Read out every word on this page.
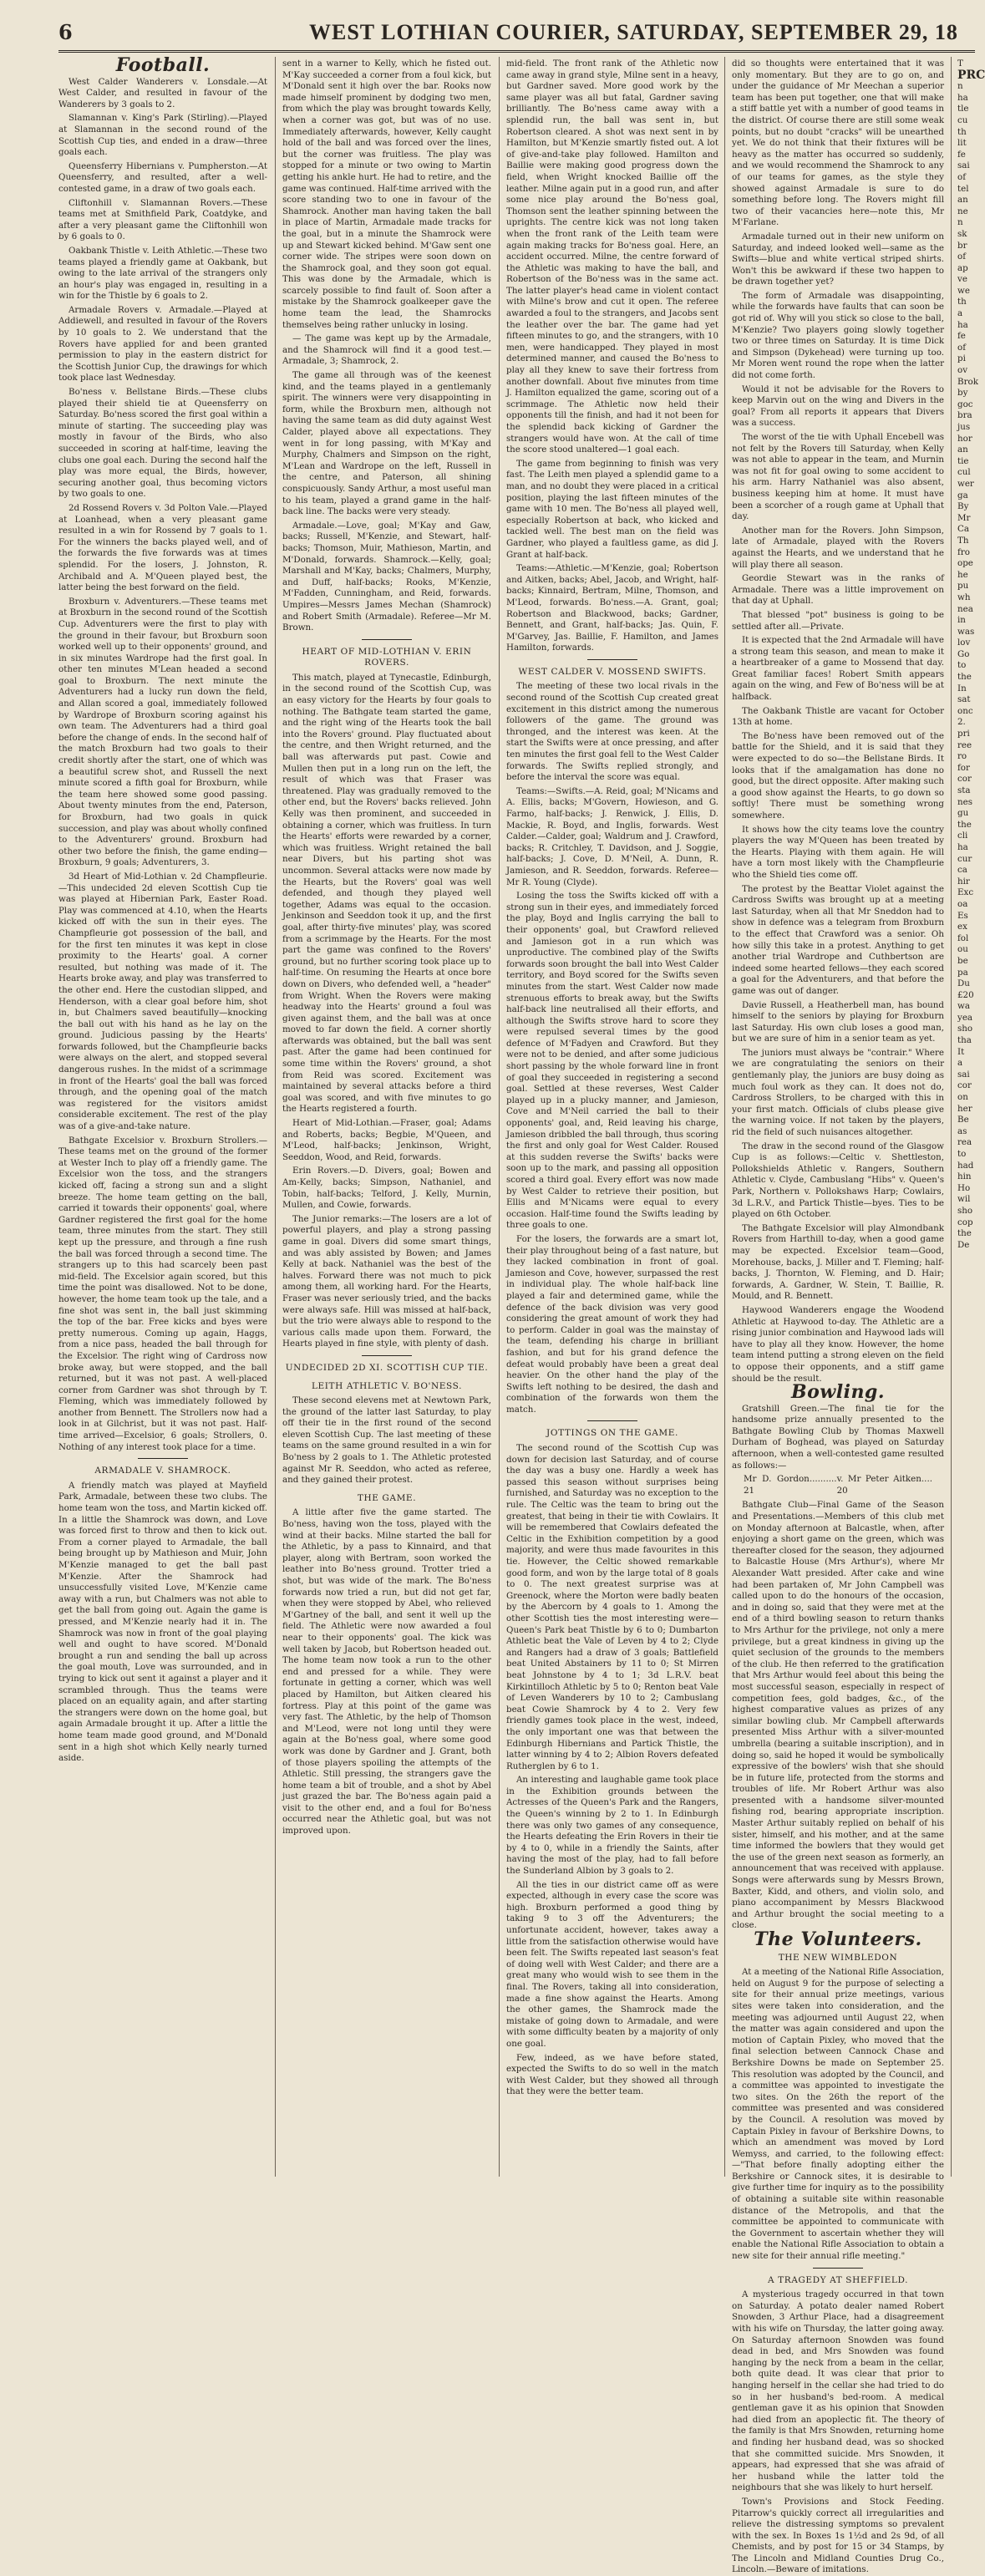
6	WEST LOTHIAN COURIER, SATURDAY, SEPTEMBER 29, 18
Football.

West Calder Wanderers v. Lonsdale.—At West Calder, and resulted in favour of the Wanderers by 3 goals to 2.

Slamannan v. King's Park (Stirling).—Played at Slamannan in the second round of the Scottish Cup ties, and ended in a draw—three goals each.

Queensferry Hibernians v. Pumpherston.—At Queensferry, and resulted, after a well-contested game, in a draw of two goals each.

Cliftonhill v. Slamannan Rovers.—These teams met at Smithfield Park, Coatdyke, and after a very pleasant game the Cliftonhill won by 6 goals to 0.

Oakbank Thistle v. Leith Athletic.—These two teams played a friendly game at Oakbank, but owing to the late arrival of the strangers only an hour's play was engaged in, resulting in a win for the Thistle by 6 goals to 2.

Armadale Rovers v. Armadale.—Played at Addiewell, and resulted in favour of the Rovers by 10 goals to 2. We understand that the Rovers have applied for and been granted permission to play in the eastern district for the Scottish Junior Cup, the drawings for which took place last Wednesday.

Bo'ness v. Bellstane Birds.—These clubs played their shield tie at Queensferry on Saturday. Bo'ness scored the first goal within a minute of starting. The succeeding play was mostly in favour of the Birds, who also succeeded in scoring at half-time, leaving the clubs one goal each. During the second half the play was more equal, the Birds, however, securing another goal, thus becoming victors by two goals to one.

2d Rossend Rovers v. 3d Polton Vale.—Played at Loanhead, when a very pleasant game resulted in a win for Rossend by 7 goals to 1. For the winners the backs played well, and of the forwards the five forwards was at times splendid. For the losers, J. Johnston, R. Archibald and A. M'Queen played best, the latter being the best forward on the field.

Broxburn v. Adventurers.—These teams met at Broxburn in the second round of the Scottish Cup. Adventurers were the first to play with the ground in their favour, but Broxburn soon worked well up to their opponents' ground, and in six minutes Wardrope had the first goal. In other ten minutes M'Lean headed a second goal to Broxburn. The next minute the Adventurers had a lucky run down the field, and Allan scored a goal, immediately followed by Wardrope of Broxburn scoring against his own team. The Adventurers had a third goal before the change of ends. In the second half of the match Broxburn had two goals to their credit shortly after the start, one of which was a beautiful screw shot, and Russell the next minute scored a fifth goal for Broxburn, while the team here showed some good passing. About twenty minutes from the end, Paterson, for Broxburn, had two goals in quick succession, and play was about wholly confined to the Adventurers' ground. Broxburn had other two before the finish, the game ending—Broxburn, 9 goals; Adventurers, 3.

3d Heart of Mid-Lothian v. 2d Champfleurie.—This undecided 2d eleven Scottish Cup tie was played at Hibernian Park, Easter Road. Play was commenced at 4.10, when the Hearts kicked off with the sun in their eyes. The Champfleurie got possession of the ball, and for the first ten minutes it was kept in close proximity to the Hearts' goal. A corner resulted, but nothing was made of it. The Hearts broke away, and play was transferred to the other end. Here the custodian slipped, and Henderson, with a clear goal before him, shot in, but Chalmers saved beautifully—knocking the ball out with his hand as he lay on the ground. Judicious passing by the Hearts' forwards followed, but the Champfleurie backs were always on the alert, and stopped several dangerous rushes. In the midst of a scrimmage in front of the Hearts' goal the ball was forced through, and the opening goal of the match was registered for the visitors amidst considerable excitement. The rest of the play was of a give-and-take nature.

Bathgate Excelsior v. Broxburn Strollers.—These teams met on the ground of the former at Wester Inch to play off a friendly game. The Excelsior won the toss, and the strangers kicked off, facing a strong sun and a slight breeze. The home team getting on the ball, carried it towards their opponents' goal, where Gardner registered the first goal for the home team, three minutes from the start. They still kept up the pressure, and through a fine rush the ball was forced through a second time. The strangers up to this had scarcely been past mid-field. The Excelsior again scored, but this time the point was disallowed. Not to be done, however, the home team took up the tale, and a fine shot was sent in, the ball just skimming the top of the bar. Free kicks and byes were pretty numerous. Coming up again, Haggs, from a nice pass, headed the ball through for the Excelsior. The right wing of Cardross now broke away, but were stopped, and the ball returned, but it was not past. A well-placed corner from Gardner was shot through by T. Fleming, which was immediately followed by another from Bennett. The Strollers now had a look in at Gilchrist, but it was not past. Half-time arrived—Excelsior, 6 goals; Strollers, 0. Nothing of any interest took place for a time.

ARMADALE V. SHAMROCK.

A friendly match was played at Mayfield Park, Armadale, between these two clubs. The home team won the toss, and Martin kicked off. In a little the Shamrock was down, and Love was forced first to throw and then to kick out. From a corner played to Armadale, the ball being brought up by Mathieson and Muir, John M'Kenzie managed to get the ball past M'Kenzie. After the Shamrock had unsuccessfully visited Love, M'Kenzie came away with a run, but Chalmers was not able to get the ball from going out. Again the game is pressed, and M'Kenzie nearly had it in. The Shamrock was now in front of the goal playing well and ought to have scored. M'Donald brought a run and sending the ball up across the goal mouth, Love was surrounded, and in trying to kick out sent it against a player and it scrambled through. Thus the teams were placed on an equality again, and after starting the strangers were down on the home goal, but again Armadale brought it up. After a little the home team made good ground, and M'Donald sent in a high shot which Kelly nearly turned aside.

sent in a warner to Kelly, which he fisted out. M'Kay succeeded a corner from a foul kick, but M'Donald sent it high over the bar. Rooks now made himself prominent by dodging two men, from which the play was brought towards Kelly, when a corner was got, but was of no use. Immediately afterwards, however, Kelly caught hold of the ball and was forced over the lines, but the corner was fruitless. The play was stopped for a minute or two owing to Martin getting his ankle hurt. He had to retire, and the game was continued. Half-time arrived with the score standing two to one in favour of the Shamrock. Another man having taken the ball in place of Martin, Armadale made tracks for the goal, but in a minute the Shamrock were up and Stewart kicked behind. M'Gaw sent one corner wide. The stripes were soon down on the Shamrock goal, and they soon got equal. This was done by the Armadale, which is scarcely possible to find fault of. Soon after a mistake by the Shamrock goalkeeper gave the home team the lead, the Shamrocks themselves being rather unlucky in losing.

— The game was kept up by the Armadale, and the Shamrock will find it a good test.— Armadale, 3; Shamrock, 2.

The game all through was of the keenest kind, and the teams played in a gentlemanly spirit. The winners were very disappointing in form, while the Broxburn men, although not having the same team as did duty against West Calder, played above all expectations. They went in for long passing, with M'Kay and Murphy, Chalmers and Simpson on the right, M'Lean and Wardrope on the left, Russell in the centre, and Paterson, all shining conspicuously. Sandy Arthur, a most useful man to his team, played a grand game in the half-back line. The backs were very steady.

Armadale.—Love, goal; M'Kay and Gaw, backs; Russell, M'Kenzie, and Stewart, half-backs; Thomson, Muir, Mathieson, Martin, and M'Donald, forwards. Shamrock.—Kelly, goal; Marshall and M'Kay, backs; Chalmers, Murphy, and Duff, half-backs; Rooks, M'Kenzie, M'Fadden, Cunningham, and Reid, forwards. Umpires—Messrs James Mechan (Shamrock) and Robert Smith (Armadale). Referee—Mr M. Brown.

HEART OF MID-LOTHIAN V. ERIN ROVERS.

This match, played at Tynecastle, Edinburgh, in the second round of the Scottish Cup, was an easy victory for the Hearts by four goals to nothing. The Bathgate team started the game, and the right wing of the Hearts took the ball into the Rovers' ground. Play fluctuated about the centre, and then Wright returned, and the ball was afterwards put past. Cowie and Mullen then put in a long run on the left, the result of which was that Fraser was threatened. Play was gradually removed to the other end, but the Rovers' backs relieved. John Kelly was then prominent, and succeeded in obtaining a corner, which was fruitless. In turn the Hearts' efforts were rewarded by a corner, which was fruitless. Wright retained the ball near Divers, but his parting shot was uncommon. Several attacks were now made by the Hearts, but the Rovers' goal was well defended, and though they played well together, Adams was equal to the occasion. Jenkinson and Seeddon took it up, and the first goal, after thirty-five minutes' play, was scored from a scrimmage by the Hearts. For the most part the game was confined to the Rovers' ground, but no further scoring took place up to half-time. On resuming the Hearts at once bore down on Divers, who defended well, a "header" from Wright. When the Rovers were making headway into the Hearts' ground a foul was given against them, and the ball was at once moved to far down the field. A corner shortly afterwards was obtained, but the ball was sent past. After the game had been continued for some time within the Rovers' ground, a shot from Reid was scored. Excitement was maintained by several attacks before a third goal was scored, and with five minutes to go the Hearts registered a fourth.

Heart of Mid-Lothian.—Fraser, goal; Adams and Roberts, backs; Begbie, M'Queen, and M'Leod, half-backs; Jenkinson, Wright, Seeddon, Wood, and Reid, forwards.

Erin Rovers.—D. Divers, goal; Bowen and Am-Kelly, backs; Simpson, Nathaniel, and Tobin, half-backs; Telford, J. Kelly, Murnin, Mullen, and Cowie, forwards.

The Junior remarks:—The losers are a lot of powerful players, and play a strong passing game in goal. Divers did some smart things, and was ably assisted by Bowen; and James Kelly at back. Nathaniel was the best of the halves. Forward there was not much to pick among them, all working hard. For the Hearts, Fraser was never seriously tried, and the backs were always safe. Hill was missed at half-back, but the trio were always able to respond to the various calls made upon them. Forward, the Hearts played in fine style, with plenty of dash.

UNDECIDED 2D XI. SCOTTISH CUP TIE.
LEITH ATHLETIC V. BO'NESS.

These second elevens met at Newtown Park, the ground of the latter last Saturday, to play off their tie in the first round of the second eleven Scottish Cup. The last meeting of these teams on the same ground resulted in a win for Bo'ness by 2 goals to 1. The Athletic protested against Mr R. Seeddon, who acted as referee, and they gained their protest.

THE GAME.

A little after five the game started. The Bo'ness, having won the toss, played with the wind at their backs. Milne started the ball for the Athletic, by a pass to Kinnaird, and that player, along with Bertram, soon worked the leather into Bo'ness ground. Trotter tried a shot, but was wide of the mark. The Bo'ness forwards now tried a run, but did not get far, when they were stopped by Abel, who relieved M'Gartney of the ball, and sent it well up the field. The Athletic were now awarded a foul near to their opponents' goal. The kick was well taken by Jacob, but Robertson headed out. The home team now took a run to the other end and pressed for a while. They were fortunate in getting a corner, which was well placed by Hamilton, but Aitken cleared his fortress. Play at this point of the game was very fast. The Athletic, by the help of Thomson and M'Leod, were not long until they were again at the Bo'ness goal, where some good work was done by Gardner and J. Grant, both of those players spoiling the attempts of the Athletic. Still pressing, the strangers gave the home team a bit of trouble, and a shot by Abel just grazed the bar. The Bo'ness again paid a visit to the other end, and a foul for Bo'ness occurred near the Athletic goal, but was not improved upon.

mid-field. The front rank of the Athletic now came away in grand style, Milne sent in a heavy, but Gardner saved. More good work by the same player was all but fatal, Gardner saving brilliantly. The Bo'ness came away with a splendid run, the ball was sent in, but Robertson cleared. A shot was next sent in by Hamilton, but M'Kenzie smartly fisted out. A lot of give-and-take play followed. Hamilton and Baillie were making good progress down the field, when Wright knocked Baillie off the leather. Milne again put in a good run, and after some nice play around the Bo'ness goal, Thomson sent the leather spinning between the uprights. The centre kick was not long taken when the front rank of the Leith team were again making tracks for Bo'ness goal. Here, an accident occurred. Milne, the centre forward of the Athletic was making to have the ball, and Robertson of the Bo'ness was in the same act. The latter player's head came in violent contact with Milne's brow and cut it open. The referee awarded a foul to the strangers, and Jacobs sent the leather over the bar. The game had yet fifteen minutes to go, and the strangers, with 10 men, were handicapped. They played in most determined manner, and caused the Bo'ness to play all they knew to save their fortress from another downfall. About five minutes from time J. Hamilton equalized the game, scoring out of a scrimmage. The Athletic now held their opponents till the finish, and had it not been for the splendid back kicking of Gardner the strangers would have won. At the call of time the score stood unaltered—1 goal each.

The game from beginning to finish was very fast. The Leith men played a splendid game to a man, and no doubt they were placed in a critical position, playing the last fifteen minutes of the game with 10 men. The Bo'ness all played well, especially Robertson at back, who kicked and tackled well. The best man on the field was Gardner, who played a faultless game, as did J. Grant at half-back.

Teams:—Athletic.—M'Kenzie, goal; Robertson and Aitken, backs; Abel, Jacob, and Wright, half-backs; Kinnaird, Bertram, Milne, Thomson, and M'Leod, forwards. Bo'ness.—A. Grant, goal; Robertson and Blackwood, backs; Gardner, Bennett, and Grant, half-backs; Jas. Quin, F. M'Garvey, Jas. Baillie, F. Hamilton, and James Hamilton, forwards.

WEST CALDER V. MOSSEND SWIFTS.

The meeting of these two local rivals in the second round of the Scottish Cup created great excitement in this district among the numerous followers of the game. The ground was thronged, and the interest was keen. At the start the Swifts were at once pressing, and after ten minutes the first goal fell to the West Calder forwards. The Swifts replied strongly, and before the interval the score was equal.

Teams:—Swifts.—A. Reid, goal; M'Nicams and A. Ellis, backs; M'Govern, Howieson, and G. Farmo, half-backs; J. Renwick, J. Ellis, D. Mackie, R. Boyd, and Inglis, forwards. West Calder.—Calder, goal; Waldrum and J. Crawford, backs; R. Critchley, T. Davidson, and J. Soggie, half-backs; J. Cove, D. M'Neil, A. Dunn, R. Jamieson, and R. Seeddon, forwards. Referee—Mr R. Young (Clyde).

Losing the toss the Swifts kicked off with a strong sun in their eyes, and immediately forced the play, Boyd and Inglis carrying the ball to their opponents' goal, but Crawford relieved and Jamieson got in a run which was unproductive. The combined play of the Swifts forwards soon brought the ball into West Calder territory, and Boyd scored for the Swifts seven minutes from the start. West Calder now made strenuous efforts to break away, but the Swifts half-back line neutralised all their efforts, and although the Swifts strove hard to score they were repulsed several times by the good defence of M'Fadyen and Crawford. But they were not to be denied, and after some judicious short passing by the whole forward line in front of goal they succeeded in registering a second goal. Settled at these reverses, West Calder played up in a plucky manner, and Jamieson, Cove and M'Neil carried the ball to their opponents' goal, and, Reid leaving his charge, Jamieson dribbled the ball through, thus scoring the first and only goal for West Calder. Roused at this sudden reverse the Swifts' backs were soon up to the mark, and passing all opposition scored a third goal. Every effort was now made by West Calder to retrieve their position, but Ellis and M'Nicams were equal to every occasion. Half-time found the Swifts leading by three goals to one.

For the losers, the forwards are a smart lot, their play throughout being of a fast nature, but they lacked combination in front of goal. Jamieson and Cove, however, surpassed the rest in individual play. The whole half-back line played a fair and determined game, while the defence of the back division was very good considering the great amount of work they had to perform. Calder in goal was the mainstay of the team, defending his charge in brilliant fashion, and but for his grand defence the defeat would probably have been a great deal heavier. On the other hand the play of the Swifts left nothing to be desired, the dash and combination of the forwards won them the match.

JOTTINGS ON THE GAME.

The second round of the Scottish Cup was down for decision last Saturday, and of course the day was a busy one. Hardly a week has passed this season without surprises being furnished, and Saturday was no exception to the rule. The Celtic was the team to bring out the greatest, that being in their tie with Cowlairs. It will be remembered that Cowlairs defeated the Celtic in the Exhibition competition by a good majority, and were thus made favourites in this tie. However, the Celtic showed remarkable good form, and won by the large total of 8 goals to 0. The next greatest surprise was at Greenock, where the Morton were badly beaten by the Abercorn by 4 goals to 1. Among the other Scottish ties the most interesting were—Queen's Park beat Thistle by 6 to 0; Dumbarton Athletic beat the Vale of Leven by 4 to 2; Clyde and Rangers had a draw of 3 goals; Battlefield beat United Abstainers by 11 to 0; St Mirren beat Johnstone by 4 to 1; 3d L.R.V. beat Kirkintilloch Athletic by 5 to 0; Renton beat Vale of Leven Wanderers by 10 to 2; Cambuslang beat Cowie Shamrock by 4 to 2. Very few friendly games took place in the west, indeed, the only important one was that between the Edinburgh Hibernians and Partick Thistle, the latter winning by 4 to 2; Albion Rovers defeated Rutherglen by 6 to 1.

An interesting and laughable game took place in the Exhibition grounds between the Actresses of the Queen's Park and the Rangers, the Queen's winning by 2 to 1. In Edinburgh there was only two games of any consequence, the Hearts defeating the Erin Rovers in their tie by 4 to 0, while in a friendly the Saints, after having the most of the play, had to fall before the Sunderland Albion by 3 goals to 2.

All the ties in our district came off as were expected, although in every case the score was high. Broxburn performed a good thing by taking 9 to 3 off the Adventurers; the unfortunate accident, however, takes away a little from the satisfaction otherwise would have been felt. The Swifts repeated last season's feat of doing well with West Calder; and there are a great many who would wish to see them in the final. The Rovers, taking all into consideration, made a fine show against the Hearts. Among the other games, the Shamrock made the mistake of going down to Armadale, and were with some difficulty beaten by a majority of only one goal.

Few, indeed, as we have before stated, expected the Swifts to do so well in the match with West Calder, but they showed all through that they were the better team.

did so thoughts were entertained that it was only momentary. But they are to go on, and under the guidance of Mr Meechan a superior team has been put together, one that will make a stiff battle yet with a number of good teams in the district. Of course there are still some weak points, but no doubt "cracks" will be unearthed yet. We do not think that their fixtures will be heavy as the matter has occurred so suddenly, and we would recommend the Shamrock to any of our teams for games, as the style they showed against Armadale is sure to do something before long. The Rovers might fill two of their vacancies here—note this, Mr M'Farlane.

Armadale turned out in their new uniform on Saturday, and indeed looked well—same as the Swifts—blue and white vertical striped shirts. Won't this be awkward if these two happen to be drawn together yet?

The form of Armadale was disappointing, while the forwards have faults that can soon be got rid of. Why will you stick so close to the ball, M'Kenzie? Two players going slowly together two or three times on Saturday. It is time Dick and Simpson (Dykehead) were turning up too. Mr Moren went round the rope when the latter did not come forth.

Would it not be advisable for the Rovers to keep Marvin out on the wing and Divers in the goal? From all reports it appears that Divers was a success.

The worst of the tie with Uphall Encebell was not felt by the Rovers till Saturday, when Kelly was not able to appear in the team, and Murnin was not fit for goal owing to some accident to his arm. Harry Nathaniel was also absent, business keeping him at home. It must have been a scorcher of a rough game at Uphall that day.

Another man for the Rovers. John Simpson, late of Armadale, played with the Rovers against the Hearts, and we understand that he will play there all season.

Geordie Stewart was in the ranks of Armadale. There was a little improvement on that day at Uphall.

That blessed "pot" business is going to be settled after all.—Private.

It is expected that the 2nd Armadale will have a strong team this season, and mean to make it a heartbreaker of a game to Mossend that day. Great familiar faces! Robert Smith appears again on the wing, and Few of Bo'ness will be at halfback.

The Oakbank Thistle are vacant for October 13th at home.

The Bo'ness have been removed out of the battle for the Shield, and it is said that they were expected to do so—the Bellstane Birds. It looks that if the amalgamation has done no good, but the direct opposite. After making such a good show against the Hearts, to go down so softly! There must be something wrong somewhere.

It shows how the city teams love the country players the way M'Queen has been treated by the Hearts. Playing with them again. He will have a torn most likely with the Champfleurie who the Shield ties come off.

The protest by the Beattar Violet against the Cardross Swifts was brought up at a meeting last Saturday, when all that Mr Sneddon had to show in defence was a telegram from Broxburn to the effect that Crawford was a senior. Oh how silly this take in a protest. Anything to get another trial Wardrope and Cuthbertson are indeed some hearted fellows—they each scored a goal for the Adventurers, and that before the game was out of danger.

Davie Russell, a Heatherbell man, has bound himself to the seniors by playing for Broxburn last Saturday. His own club loses a good man, but we are sure of him in a senior team as yet.

The juniors must always be "contrair." Where we are congratulating the seniors on their gentlemanly play, the juniors are busy doing as much foul work as they can. It does not do, Cardross Strollers, to be charged with this in your first match. Officials of clubs please give the warning voice. If not taken by the players, rid the field of such nuisances altogether.

The draw in the second round of the Glasgow Cup is as follows:—Celtic v. Shettleston, Pollokshields Athletic v. Rangers, Southern Athletic v. Clyde, Cambuslang "Hibs" v. Queen's Park, Northern v. Pollokshaws Harp; Cowlairs, 3d L.R.V., and Partick Thistle—byes. Ties to be played on 6th October.

The Bathgate Excelsior will play Almondbank Rovers from Harthill to-day, when a good game may be expected. Excelsior team—Good, Morehouse, backs, J. Miller and T. Fleming; half-backs, J. Thornton, W. Fleming, and D. Hair; forwards, A. Gardner, W. Stein, T. Baillie, R. Mould, and R. Bennett.

Haywood Wanderers engage the Woodend Athletic at Haywood to-day. The Athletic are a rising junior combination and Haywood lads will have to play all they know. However, the home team intend putting a strong eleven on the field to oppose their opponents, and a stiff game should be the result.

Bowling.

Gratshill Green.—The final tie for the handsome prize annually presented to the Bathgate Bowling Club by Thomas Maxwell Durham of Boghead, was played on Saturday afternoon, when a well-contested game resulted as follows:—

Mr D. Gordon.......... 21
v. Mr Peter Aitken.... 20

Bathgate Club—Final Game of the Season and Presentations.—Members of this club met on Monday afternoon at Balcastle, when, after enjoying a short game on the green, which was thereafter closed for the season, they adjourned to Balcastle House (Mrs Arthur's), where Mr Alexander Watt presided. After cake and wine had been partaken of, Mr John Campbell was called upon to do the honours of the occasion, and in doing so, said that they were met at the end of a third bowling season to return thanks to Mrs Arthur for the privilege, not only a mere privilege, but a great kindness in giving up the quiet seclusion of the grounds to the members of the club. He then referred to the gratification that Mrs Arthur would feel about this being the most successful season, especially in respect of competition fees, gold badges, &c., of the highest comparative values as prizes of any similar bowling club. Mr Campbell afterwards presented Miss Arthur with a silver-mounted umbrella (bearing a suitable inscription), and in doing so, said he hoped it would be symbolically expressive of the bowlers' wish that she should be in future life, protected from the storms and troubles of life. Mr Robert Arthur was also presented with a handsome silver-mounted fishing rod, bearing appropriate inscription. Master Arthur suitably replied on behalf of his sister, himself, and his mother, and at the same time informed the bowlers that they would get the use of the green next season as formerly, an announcement that was received with applause. Songs were afterwards sung by Messrs Brown, Baxter, Kidd, and others, and violin solo, and piano accompaniment by Messrs Blackwood and Arthur brought the social meeting to a close.

The Volunteers.
THE NEW WIMBLEDON

At a meeting of the National Rifle Association, held on August 9 for the purpose of selecting a site for their annual prize meetings, various sites were taken into consideration, and the meeting was adjourned until August 22, when the matter was again considered and upon the motion of Captain Pixley, who moved that the final selection between Cannock Chase and Berkshire Downs be made on September 25. This resolution was adopted by the Council, and a committee was appointed to investigate the two sites. On the 26th the report of the committee was presented and was considered by the Council. A resolution was moved by Captain Pixley in favour of Berkshire Downs, to which an amendment was moved by Lord Wemyss, and carried, to the following effect:—"That before finally adopting either the Berkshire or Cannock sites, it is desirable to give further time for inquiry as to the possibility of obtaining a suitable site within reasonable distance of the Metropolis, and that the committee be appointed to communicate with the Government to ascertain whether they will enable the National Rifle Association to obtain a new site for their annual rifle meeting."

A TRAGEDY AT SHEFFIELD.

A mysterious tragedy occurred in that town on Saturday. A potato dealer named Robert Snowden, 3 Arthur Place, had a disagreement with his wife on Thursday, the latter going away. On Saturday afternoon Snowden was found dead in bed, and Mrs Snowden was found hanging by the neck from a beam in the cellar, both quite dead. It was clear that prior to hanging herself in the cellar she had tried to do so in her husband's bed-room. A medical gentleman gave it as his opinion that Snowden had died from an apoplectic fit. The theory of the family is that Mrs Snowden, returning home and finding her husband dead, was so shocked that she committed suicide. Mrs Snowden, it appears, had expressed that she was afraid of her husband while the latter told the neighbours that she was likely to hurt herself.

Town's Provisions and Stock Feeding. Pitarrow's quickly correct all irregularities and relieve the distressing symptoms so prevalent with the sex. In Boxes 1s 1½d and 2s 9d, of all Chemists, and by post for 15 or 34 Stamps, by The Lincoln and Midland Counties Drug Co., Lincoln.—Beware of imitations.

T
PRC
n
ha
tle
cu
th
lit
fe
sai
of
tel
an
ne
n
sk
br
of
ap
ve
we
th
a
ha
fe
of
pi
ov
Brok
by
goc
bra
jus
hor
an
tie
cul
wer
ga
By
Mr
Ca
Th
fro
ope
he
pu
wh
nea
in
was
lov
Go
to
the
In
sat
onc
2.
pri
ree
ro
for
cor
sta
nes
gu
the
cli
ha
cur
ca
hir
Exc
oa
Es
ex
fol
ou
be
pa
Du
£20
wa
yea
sho
tha
It
a
sai
cor
on
her
Be
as
rea
to
had
hin
Ho
wil
sho
cop
the
De
